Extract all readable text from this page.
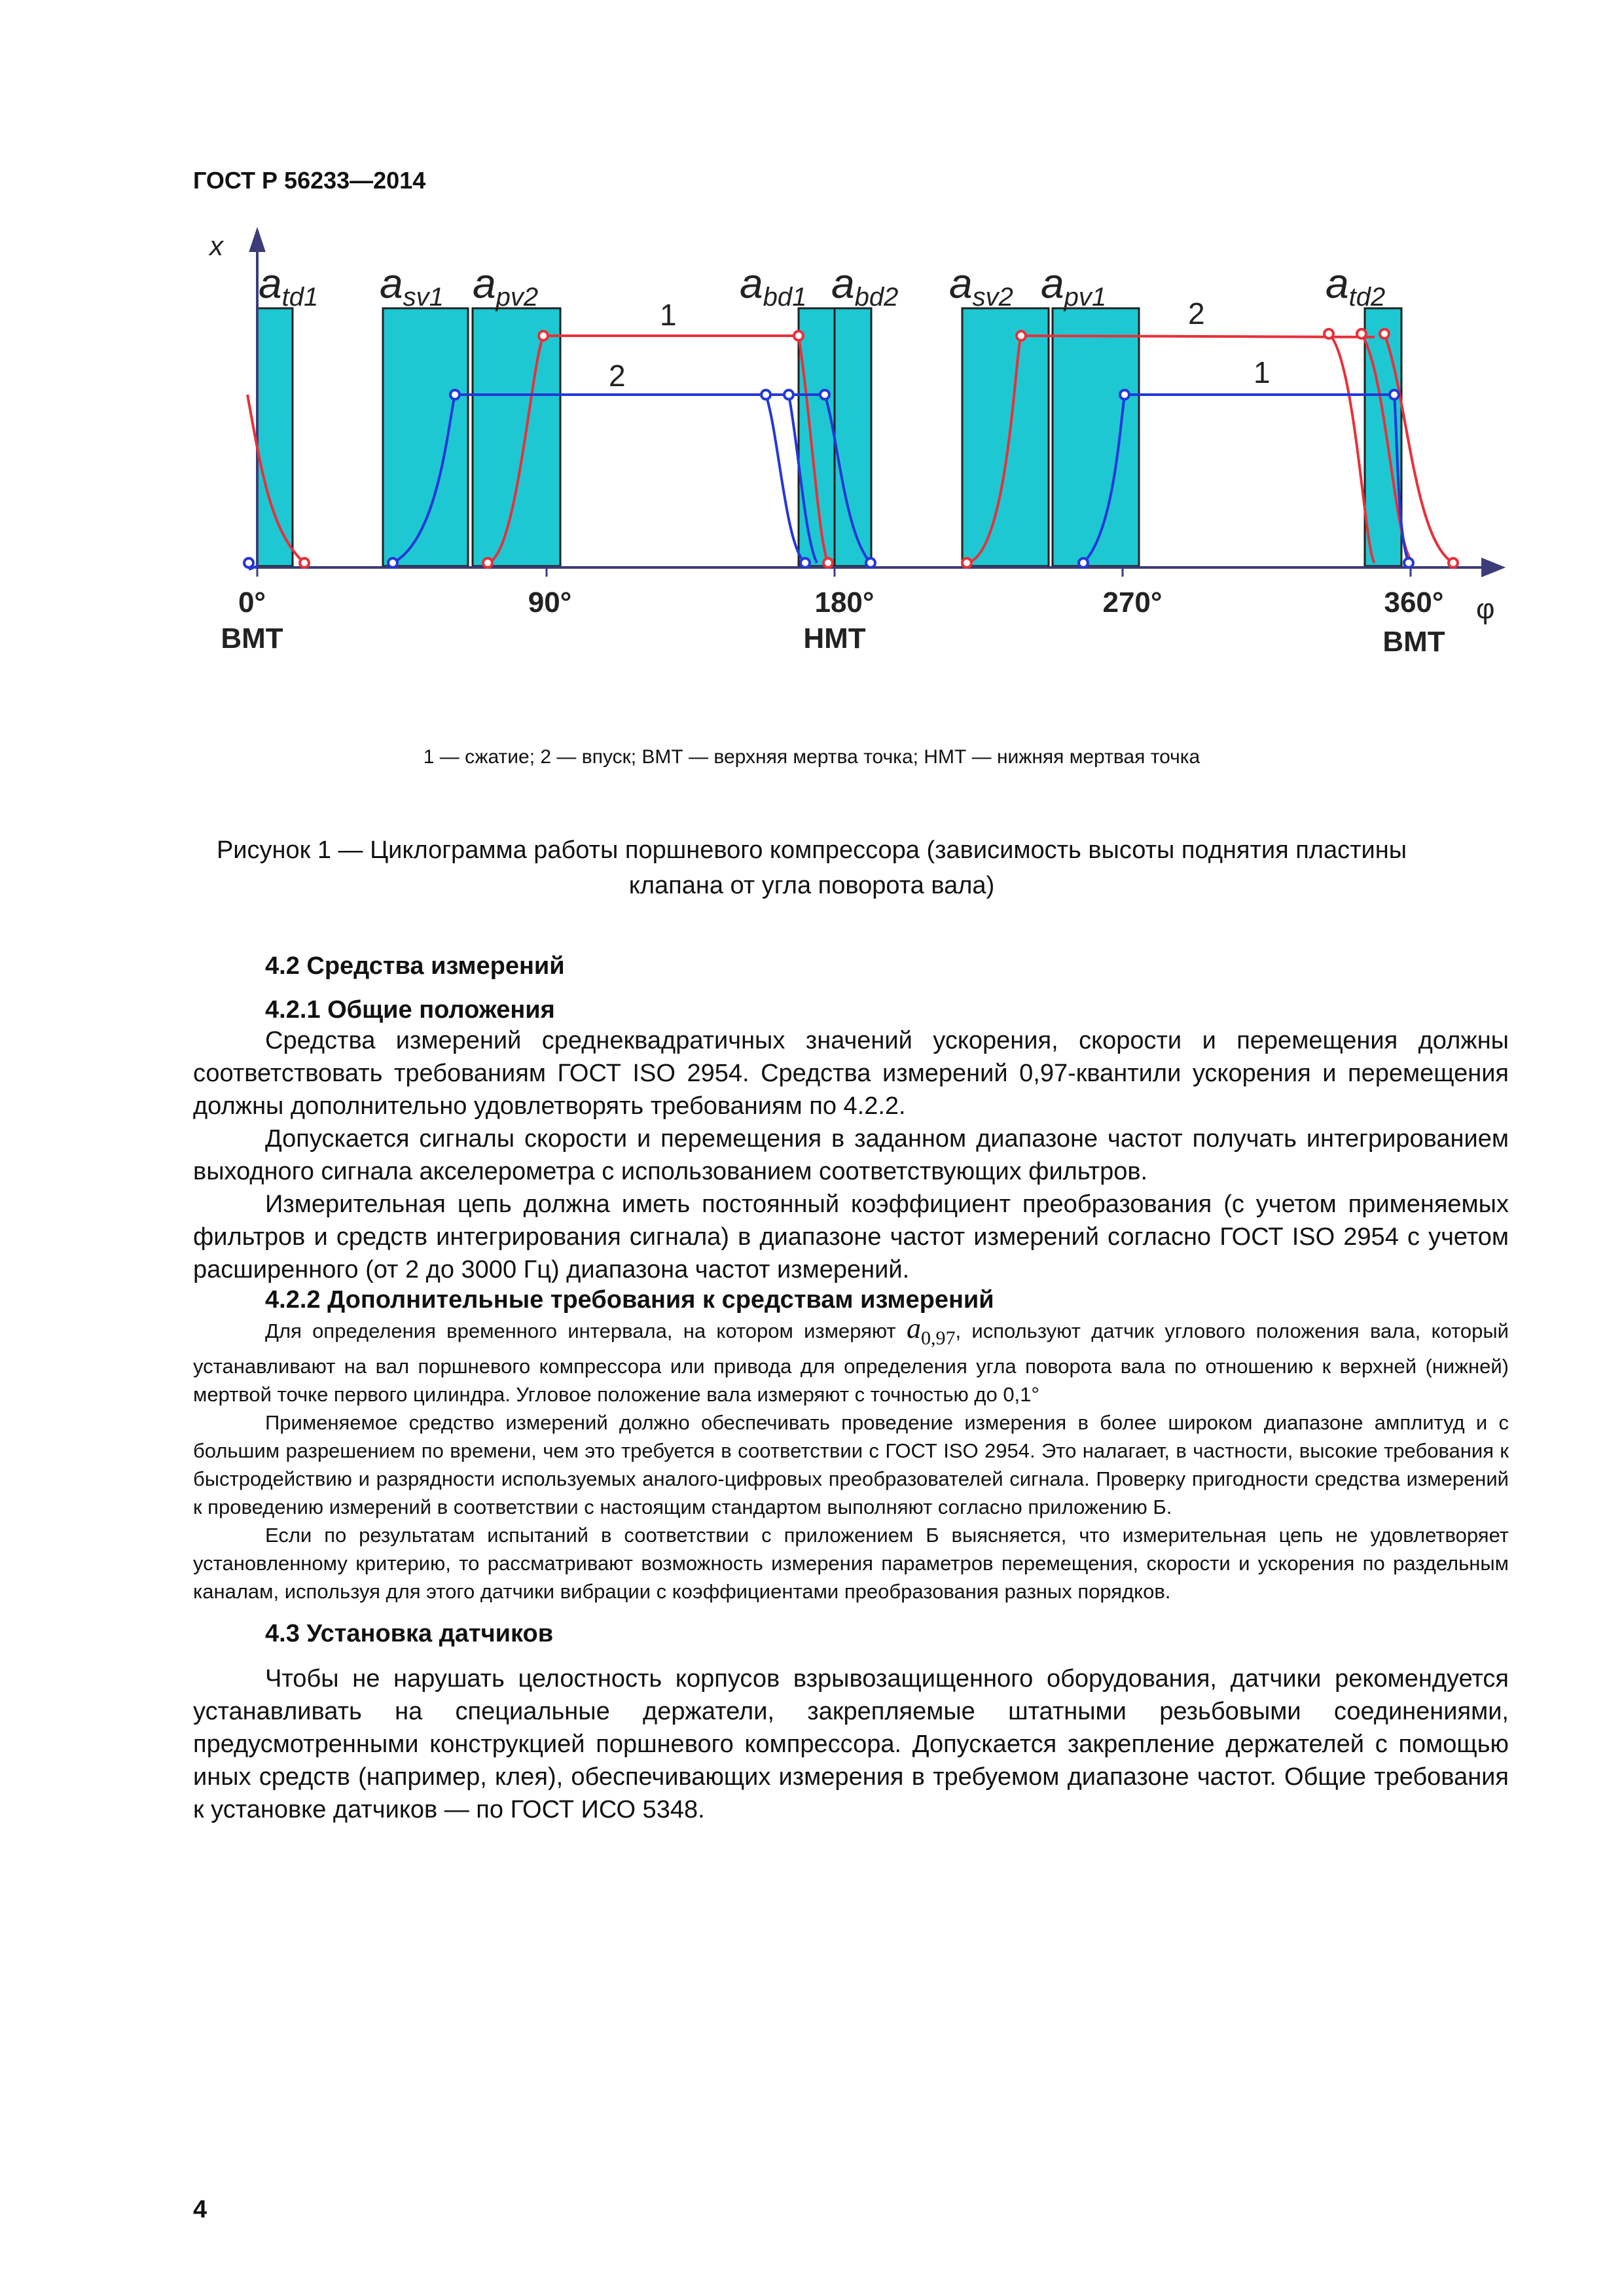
ГОСТ Р 56233—2014
x
φ
atd1 asv1 apv2	abd1 abd2 asv2 apv1	atd2
1
2
2
1
0°	90°	180°	270°	360°
ВМТ	НМТ	ВМТ
1 — сжатие; 2 — впуск; ВМТ — верхняя мертва точка; НМТ — нижняя мертвая точка
Рисунок 1 — Циклограмма работы поршневого компрессора (зависимость высоты поднятия пластины
клапана от угла поворота вала)
4.2 Средства измерений
4.2.1 Общие положения

Средства измерений среднеквадратичных значений ускорения, скорости и перемещения должны соответствовать требованиям ГОСТ ISO 2954. Средства измерений 0,97-квантили ускорения и перемещения должны дополнительно удовлетворять требованиям по 4.2.2.

Допускается сигналы скорости и перемещения в заданном диапазоне частот получать интегрированием выходного сигнала акселерометра с использованием соответствующих фильтров.

Измерительная цепь должна иметь постоянный коэффициент преобразования (с учетом применяемых фильтров и средств интегрирования сигнала) в диапазоне частот измерений согласно ГОСТ ISO 2954 с учетом расширенного (от 2 до 3000 Гц) диапазона частот измерений.

4.2.2 Дополнительные требования к средствам измерений

Для определения временного интервала, на котором измеряют $a_{0,97}$, используют датчик углового положения вала, который устанавливают на вал поршневого компрессора или привода для определения угла поворота вала по отношению к верхней (нижней) мертвой точке первого цилиндра. Угловое положение вала измеряют с точностью до 0,1°

Применяемое средство измерений должно обеспечивать проведение измерения в более широком диапазоне амплитуд и с большим разрешением по времени, чем это требуется в соответствии с ГОСТ ISO 2954. Это налагает, в частности, высокие требования к быстродействию и разрядности используемых аналого-цифровых преобразователей сигнала. Проверку пригодности средства измерений к проведению измерений в соответствии с настоящим стандартом выполняют согласно приложению Б.

Если по результатам испытаний в соответствии с приложением Б выясняется, что измерительная цепь не удовлетворяет установленному критерию, то рассматривают возможность измерения параметров перемещения, скорости и ускорения по раздельным каналам, используя для этого датчики вибрации с коэффициентами преобразования разных порядков.

4.3 Установка датчиков

Чтобы не нарушать целостность корпусов взрывозащищенного оборудования, датчики рекомендуется устанавливать на специальные держатели, закрепляемые штатными резьбовыми соединениями, предусмотренными конструкцией поршневого компрессора. Допускается закрепление держателей с помощью иных средств (например, клея), обеспечивающих измерения в требуемом диапазоне частот. Общие требования к установке датчиков — по ГОСТ ИСО 5348.

4
